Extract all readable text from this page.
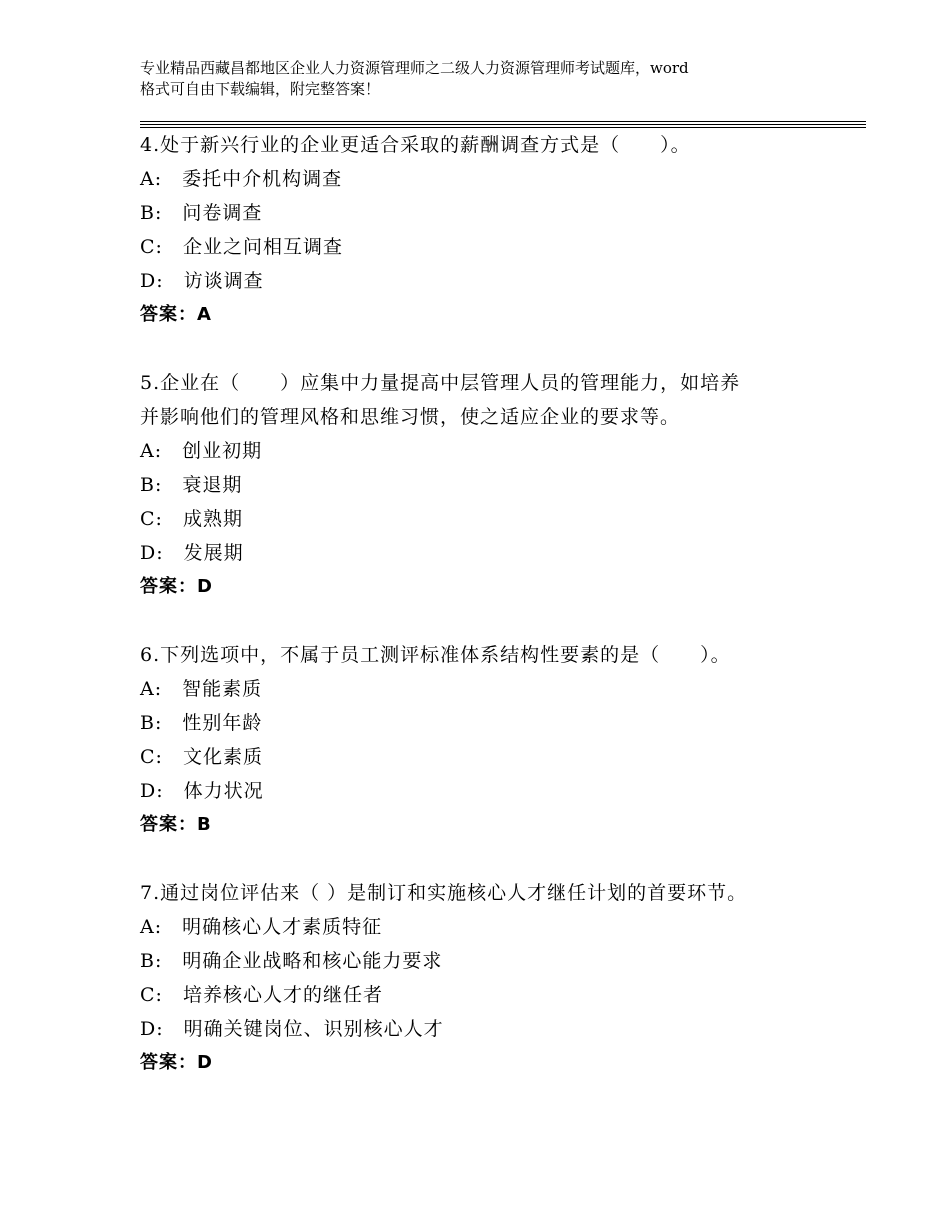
专业精品西藏昌都地区企业人力资源管理师之二级人力资源管理师考试题库，word
格式可自由下载编辑，附完整答案！
4.处于新兴行业的企业更适合采取的薪酬调查方式是（　　）。
A:　委托中介机构调查
B:　问卷调查
C:　企业之问相互调查
D:　访谈调查
答案：A
5.企业在（　　）应集中力量提高中层管理人员的管理能力，如培养
并影响他们的管理风格和思维习惯，使之适应企业的要求等。
A:　创业初期
B:　衰退期
C:　成熟期
D:　发展期
答案：D
6.下列选项中，不属于员工测评标准体系结构性要素的是（　　）。
A:　智能素质
B:　性别年龄
C:　文化素质
D:　体力状况
答案：B
7.通过岗位评估来（ ）是制订和实施核心人才继任计划的首要环节。
A:　明确核心人才素质特征
B:　明确企业战略和核心能力要求
C:　培养核心人才的继任者
D:　明确关键岗位、识别核心人才
答案：D
